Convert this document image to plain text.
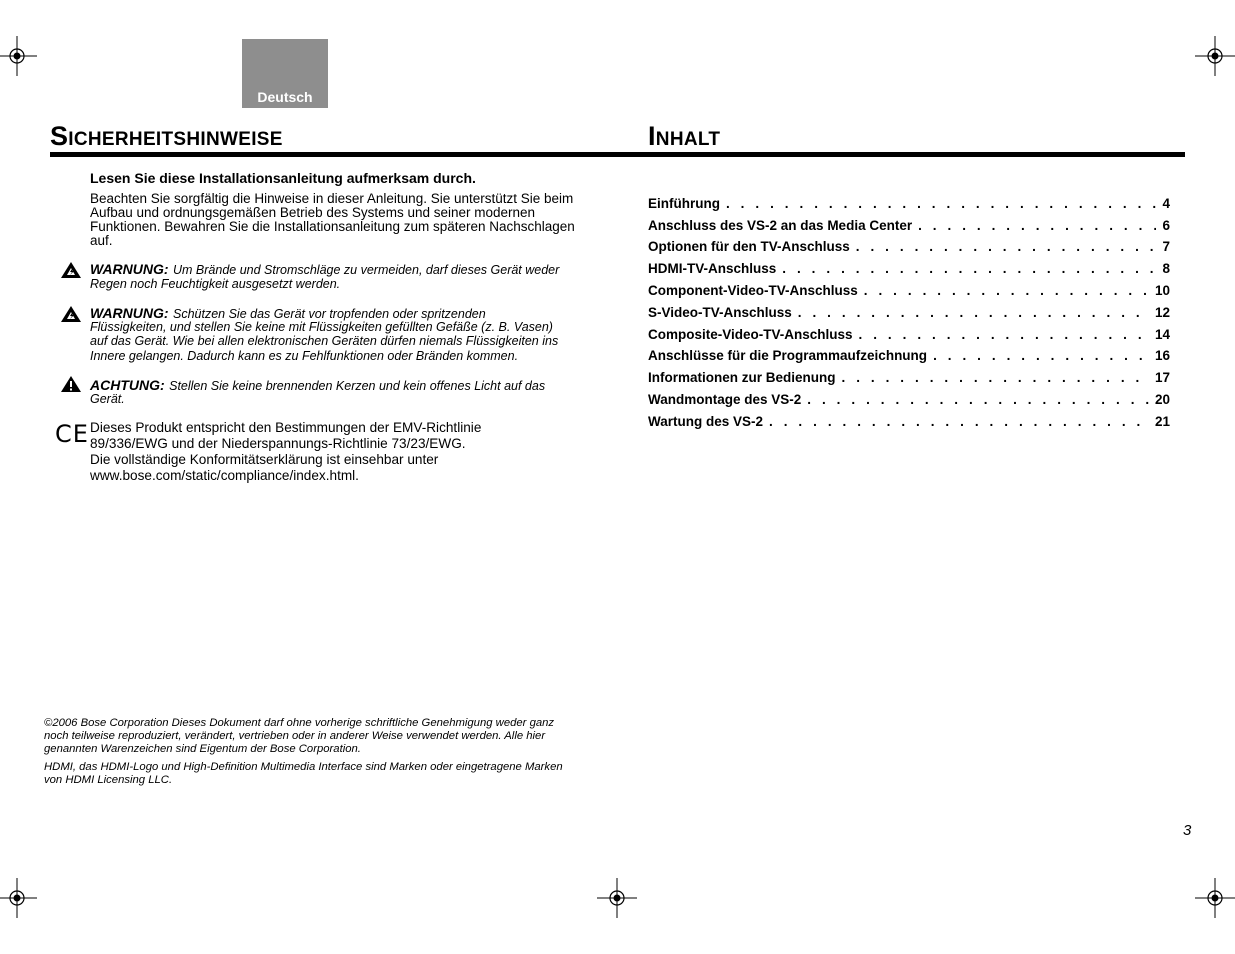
Deutsch
Sicherheitshinweise	Inhalt
Lesen Sie diese Installationsanleitung aufmerksam durch.
Beachten Sie sorgfältig die Hinweise in dieser Anleitung. Sie unterstützt Sie beim
Aufbau und ordnungsgemäßen Betrieb des Systems und seiner modernen
Funktionen. Bewahren Sie die Installationsanleitung zum späteren Nachschlagen
auf.
WARNUNG: Um Brände und Stromschläge zu vermeiden, darf dieses Gerät weder
Regen noch Feuchtigkeit ausgesetzt werden.
WARNUNG: Schützen Sie das Gerät vor tropfenden oder spritzenden
Flüssigkeiten, und stellen Sie keine mit Flüssigkeiten gefüllten Gefäße (z. B. Vasen)
auf das Gerät. Wie bei allen elektronischen Geräten dürfen niemals Flüssigkeiten ins
Innere gelangen. Dadurch kann es zu Fehlfunktionen oder Bränden kommen.
ACHTUNG: Stellen Sie keine brennenden Kerzen und kein offenes Licht auf das
Gerät.
CE Dieses Produkt entspricht den Bestimmungen der EMV-Richtlinie
89/336/EWG und der Niederspannungs-Richtlinie 73/23/EWG.
Die vollständige Konformitätserklärung ist einsehbar unter
www.bose.com/static/compliance/index.html.
Einführung . . .	4
Anschluss des VS-2 an das Media Center . . .	6
Optionen für den TV-Anschluss . . .	7
HDMI-TV-Anschluss . . .	8
Component-Video-TV-Anschluss . . .	10
S-Video-TV-Anschluss . . .	12
Composite-Video-TV-Anschluss . . .	14
Anschlüsse für die Programmaufzeichnung . . .	16
Informationen zur Bedienung . . .	17
Wandmontage des VS-2 . . .	20
Wartung des VS-2 . . .	21
©2006 Bose Corporation Dieses Dokument darf ohne vorherige schriftliche Genehmigung weder ganz
noch teilweise reproduziert, verändert, vertrieben oder in anderer Weise verwendet werden. Alle hier
genannten Warenzeichen sind Eigentum der Bose Corporation.
HDMI, das HDMI-Logo und High-Definition Multimedia Interface sind Marken oder eingetragene Marken
von HDMI Licensing LLC.
3
